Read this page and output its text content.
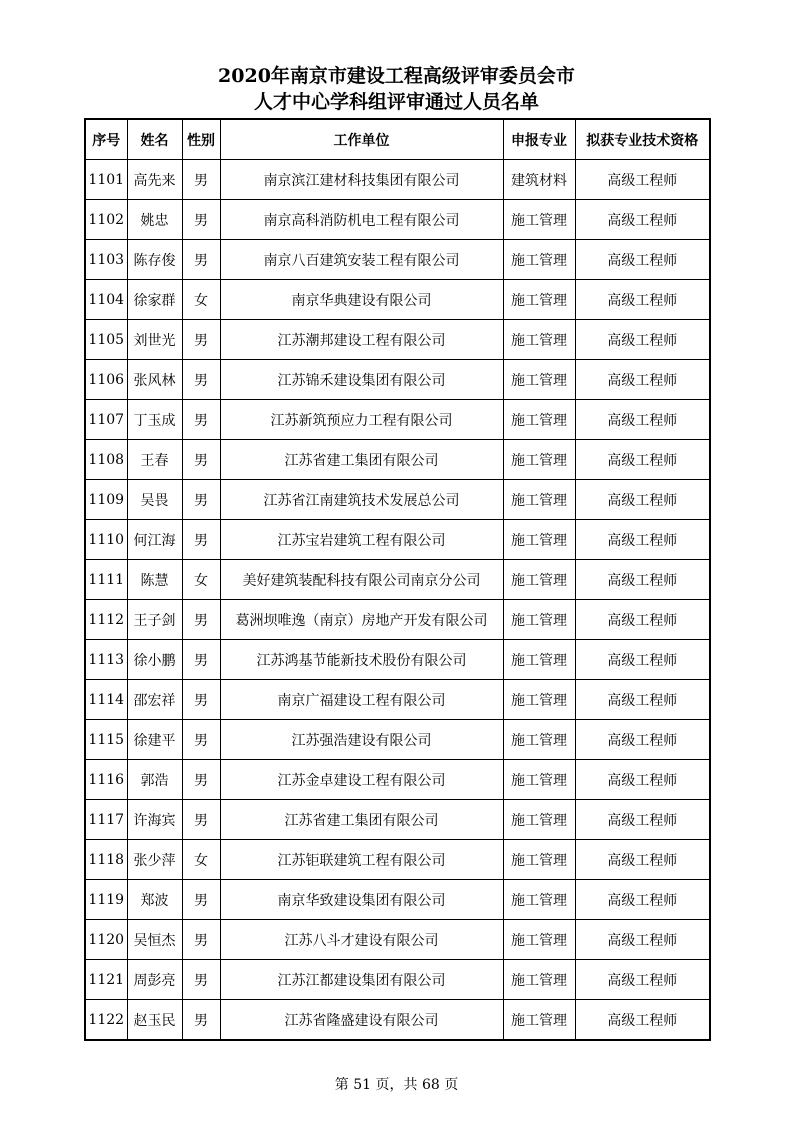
2020年南京市建设工程高级评审委员会市
人才中心学科组评审通过人员名单
序号	姓名	性别	工作单位	申报专业	拟获专业技术资格
1101	高先来	男	南京滨江建材科技集团有限公司	建筑材料	高级工程师
1102	姚忠	男	南京高科消防机电工程有限公司	施工管理	高级工程师
1103	陈存俊	男	南京八百建筑安装工程有限公司	施工管理	高级工程师
1104	徐家群	女	南京华典建设有限公司	施工管理	高级工程师
1105	刘世光	男	江苏潮邦建设工程有限公司	施工管理	高级工程师
1106	张风林	男	江苏锦禾建设集团有限公司	施工管理	高级工程师
1107	丁玉成	男	江苏新筑预应力工程有限公司	施工管理	高级工程师
1108	王春	男	江苏省建工集团有限公司	施工管理	高级工程师
1109	吴畏	男	江苏省江南建筑技术发展总公司	施工管理	高级工程师
1110	何江海	男	江苏宝岩建筑工程有限公司	施工管理	高级工程师
1111	陈慧	女	美好建筑装配科技有限公司南京分公司	施工管理	高级工程师
1112	王子剑	男	葛洲坝唯逸（南京）房地产开发有限公司	施工管理	高级工程师
1113	徐小鹏	男	江苏鸿基节能新技术股份有限公司	施工管理	高级工程师
1114	邵宏祥	男	南京广福建设工程有限公司	施工管理	高级工程师
1115	徐建平	男	江苏强浩建设有限公司	施工管理	高级工程师
1116	郭浩	男	江苏金卓建设工程有限公司	施工管理	高级工程师
1117	许海宾	男	江苏省建工集团有限公司	施工管理	高级工程师
1118	张少萍	女	江苏钜联建筑工程有限公司	施工管理	高级工程师
1119	郑波	男	南京华致建设集团有限公司	施工管理	高级工程师
1120	吴恒杰	男	江苏八斗才建设有限公司	施工管理	高级工程师
1121	周彭亮	男	江苏江都建设集团有限公司	施工管理	高级工程师
1122	赵玉民	男	江苏省隆盛建设有限公司	施工管理	高级工程师
第 51 页，共 68 页
